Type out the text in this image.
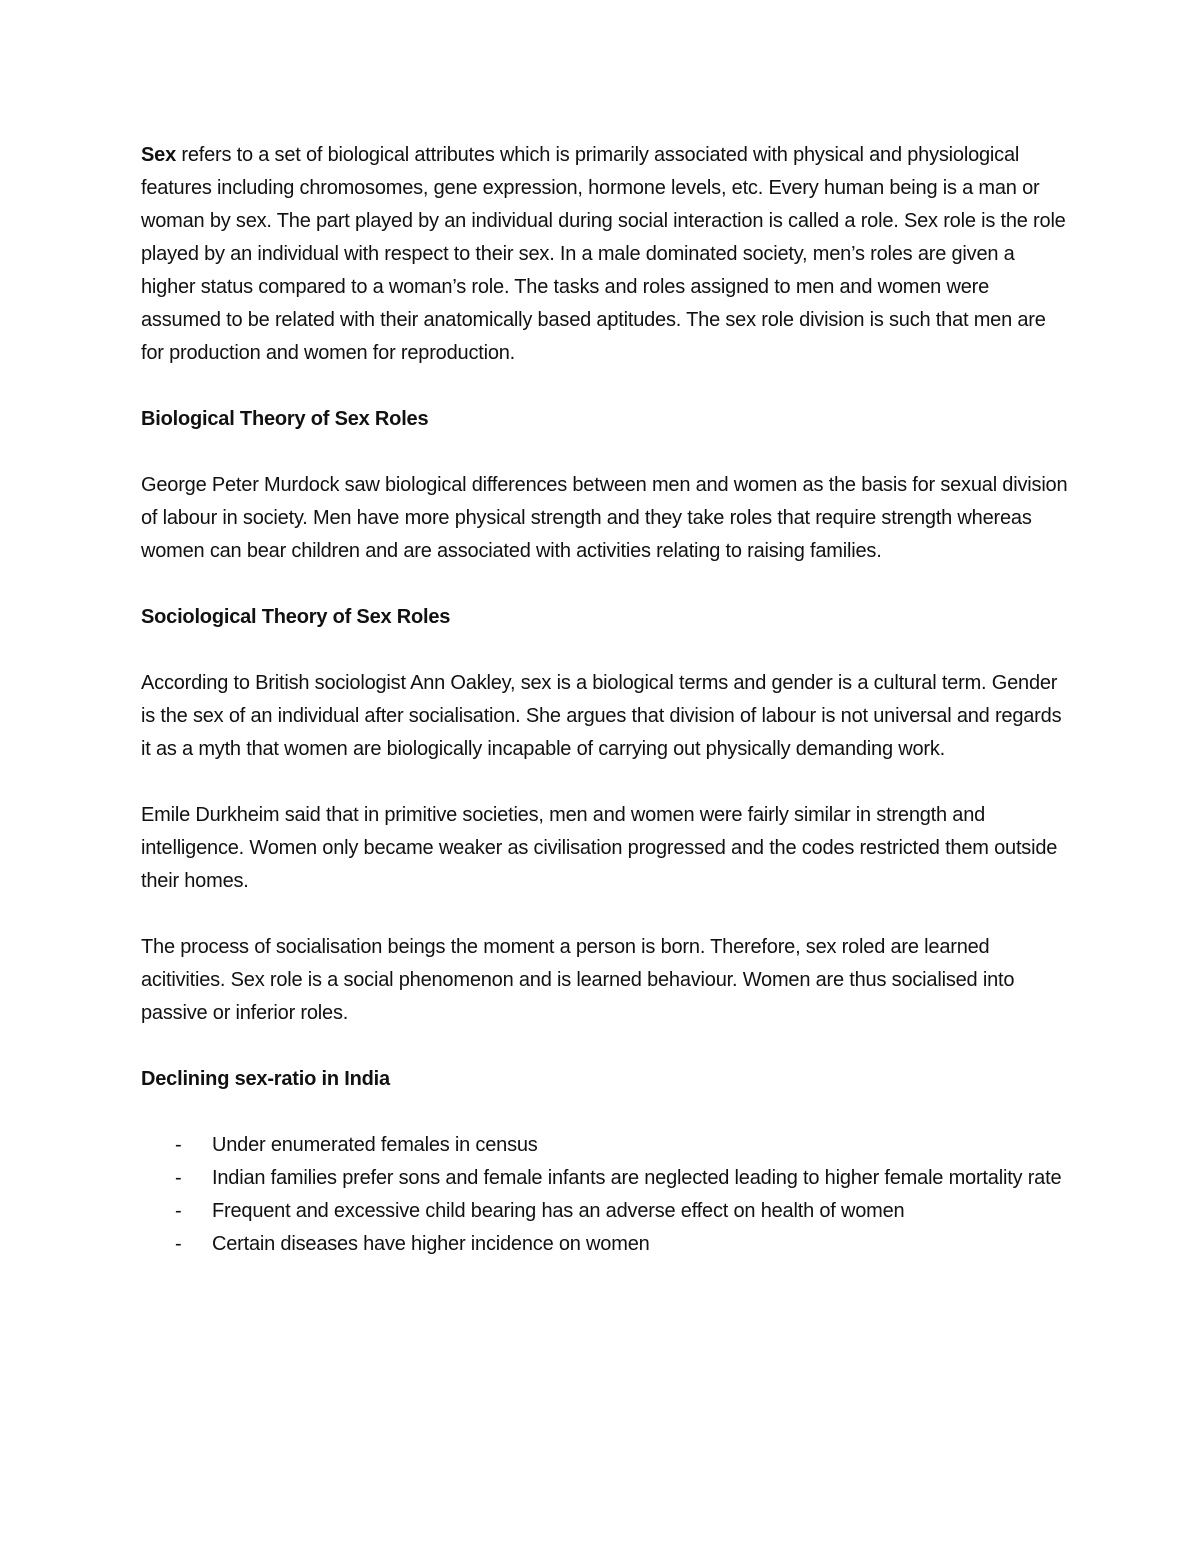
Sex refers to a set of biological attributes which is primarily associated with physical and physiological features including chromosomes, gene expression, hormone levels, etc. Every human being is a man or woman by sex. The part played by an individual during social interaction is called a role. Sex role is the role played by an individual with respect to their sex. In a male dominated society, men’s roles are given a higher status compared to a woman’s role. The tasks and roles assigned to men and women were assumed to be related with their anatomically based aptitudes. The sex role division is such that men are for production and women for reproduction.

Biological Theory of Sex Roles

George Peter Murdock saw biological differences between men and women as the basis for sexual division of labour in society. Men have more physical strength and they take roles that require strength whereas women can bear children and are associated with activities relating to raising families.

Sociological Theory of Sex Roles

According to British sociologist Ann Oakley, sex is a biological terms and gender is a cultural term. Gender is the sex of an individual after socialisation. She argues that division of labour is not universal and regards it as a myth that women are biologically incapable of carrying out physically demanding work.

Emile Durkheim said that in primitive societies, men and women were fairly similar in strength and intelligence. Women only became weaker as civilisation progressed and the codes restricted them outside their homes.

The process of socialisation beings the moment a person is born. Therefore, sex roled are learned acitivities. Sex role is a social phenomenon and is learned behaviour. Women are thus socialised into passive or inferior roles.

Declining sex-ratio in India

- Under enumerated females in census
- Indian families prefer sons and female infants are neglected leading to higher female mortality rate
- Frequent and excessive child bearing has an adverse effect on health of women
- Certain diseases have higher incidence on women
